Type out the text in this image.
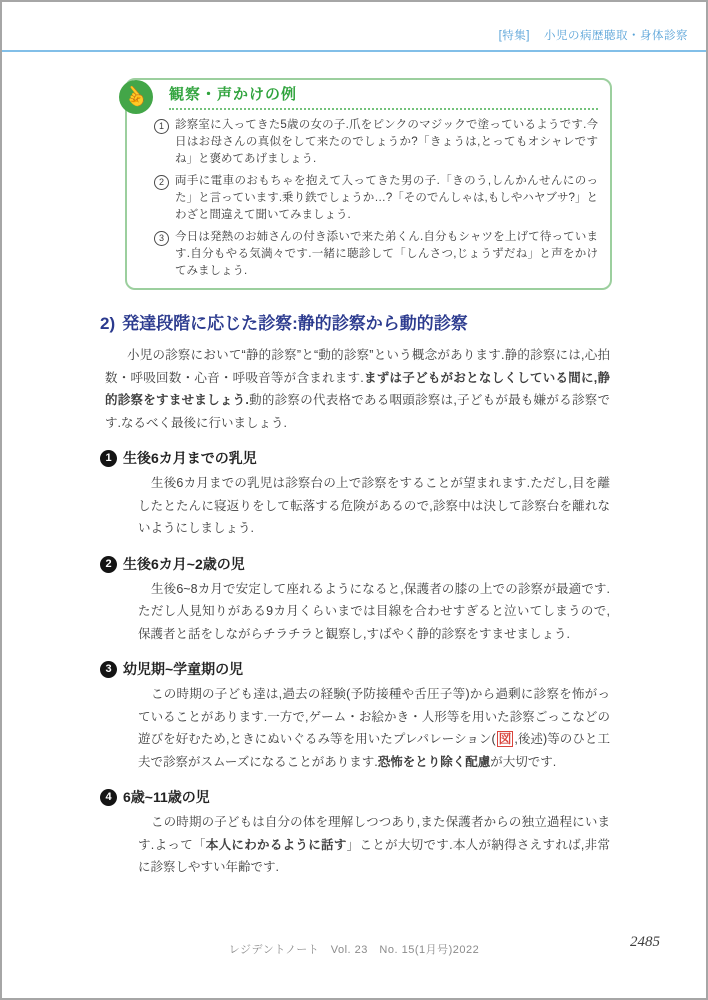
[特集] 小児の病歴聴取・身体診察
☝ 観察・声かけの例
1 診察室に入ってきた5歳の女の子.爪をピンクのマジックで塗っているようです.今日はお母さんの真似をして来たのでしょうか?「きょうは,とってもオシャレですね」と褒めてあげましょう.
2 両手に電車のおもちゃを抱えて入ってきた男の子.「きのう,しんかんせんにのった」と言っています.乗り鉄でしょうか…?「そのでんしゃは,もしやハヤブサ?」とわざと間違えて聞いてみましょう.
3 今日は発熱のお姉さんの付き添いで来た弟くん.自分もシャツを上げて待っています.自分もやる気満々です.一緒に聴診して「しんさつ,じょうずだね」と声をかけてみましょう.
2) 発達段階に応じた診察:静的診察から動的診察

小児の診察において“静的診察”と“動的診察”という概念があります.静的診察には,心拍数・呼吸回数・心音・呼吸音等が含まれます.まずは子どもがおとなしくしている間に,静的診察をすませましょう.動的診察の代表格である咽頭診察は,子どもが最も嫌がる診察です.なるべく最後に行いましょう.

1 生後6カ月までの乳児

生後6カ月までの乳児は診察台の上で診察をすることが望まれます.ただし,目を離したとたんに寝返りをして転落する危険があるので,診察中は決して診察台を離れないようにしましょう.

2 生後6カ月~2歳の児

生後6~8カ月で安定して座れるようになると,保護者の膝の上での診察が最適です.ただし人見知りがある9カ月くらいまでは目線を合わせすぎると泣いてしまうので,保護者と話をしながらチラチラと観察し,すばやく静的診察をすませましょう.

3 幼児期~学童期の児

この時期の子ども達は,過去の経験(予防接種や舌圧子等)から過剰に診察を怖がっていることがあります.一方で,ゲーム・お絵かき・人形等を用いた診察ごっこなどの遊びを好むため,ときにぬいぐるみ等を用いたプレパレーション( 図 ,後述)等のひと工夫で診察がスムーズになることがあります.恐怖をとり除く配慮が大切です.

4 6歳~11歳の児

この時期の子どもは自分の体を理解しつつあり,また保護者からの独立過程にいます.よって「本人にわかるように話す」ことが大切です.本人が納得さえすれば,非常に診察しやすい年齢です.

レジデントノート　Vol. 23　No. 15(1月号)2022	2485
